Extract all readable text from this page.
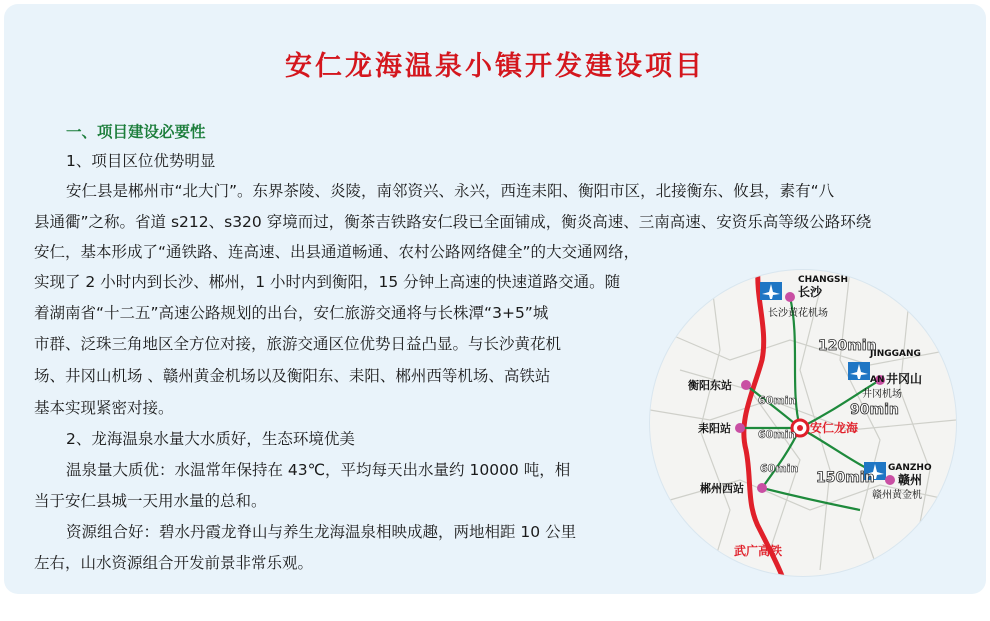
安仁龙海温泉小镇开发建设项目
一、项目建设必要性
1、项目区位优势明显
安仁县是郴州市“北大门”。东界茶陵、炎陵，南邻资兴、永兴，西连耒阳、衡阳市区，北接衡东、攸县，素有“八
县通衢”之称。省道 s212、s320 穿境而过，衡茶吉铁路安仁段已全面铺成，衡炎高速、三南高速、安资乐高等级公路环绕
安仁，基本形成了“通铁路、连高速、出县通道畅通、农村公路网络健全”的大交通网络，
实现了 2 小时内到长沙、郴州，1 小时内到衡阳，15 分钟上高速的快速道路交通。随
着湖南省“十二五”高速公路规划的出台，安仁旅游交通将与长株潭“3+5”城
市群、泛珠三角地区全方位对接，旅游交通区位优势日益凸显。与长沙黄花机
场、井冈山机场 、赣州黄金机场以及衡阳东、耒阳、郴州西等机场、高铁站
基本实现紧密对接。
2、龙海温泉水量大水质好，生态环境优美
温泉量大质优：水温常年保持在 43℃，平均每天出水量约 10000 吨，相
当于安仁县城一天用水量的总和。
资源组合好：碧水丹霞龙脊山与养生龙海温泉相映成趣，两地相距 10 公里
左右，山水资源组合开发前景非常乐观。
CHANGSH
长沙
长沙黄花机场
120min
JINGGANG
AN 井冈山
井冈机场
90min
衡阳东站
60min
耒阳站 60min 安仁龙海
60min
150min
GANZHO
赣州
赣州黄金机
郴州西站
武广高铁
